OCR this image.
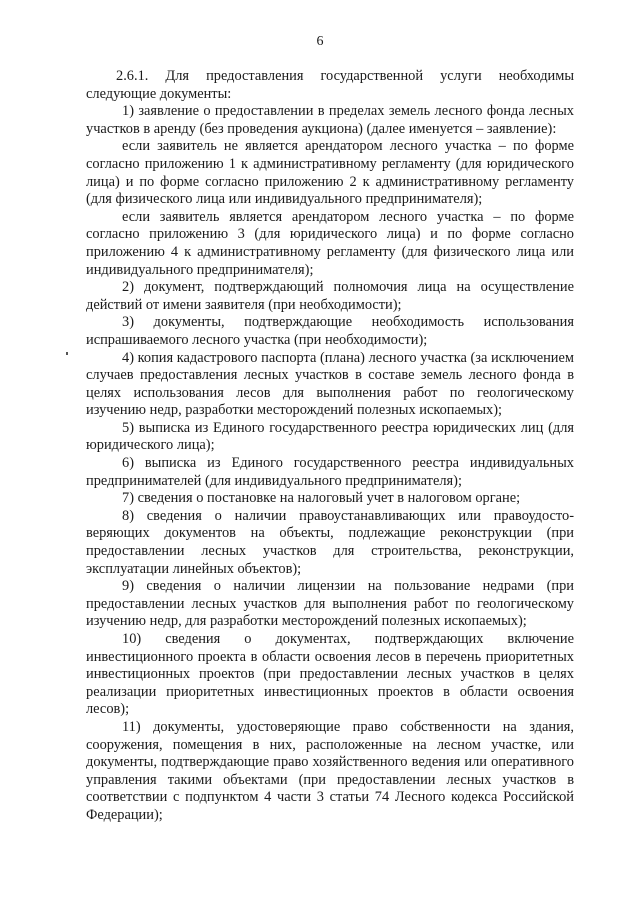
6

2.6.1. Для предоставления государственной услуги необходимы следующие документы:

1) заявление о предоставлении в пределах земель лесного фонда лесных участков в аренду (без проведения аукциона) (далее именуется – заявление):

если заявитель не является арендатором лесного участка – по форме согласно приложению 1 к административному регламенту (для юридического лица) и по форме согласно приложению 2 к административному регламенту (для физического лица или индивидуального предпринимателя);

если заявитель является арендатором лесного участка – по форме согласно приложению 3 (для юридического лица) и по форме согласно приложению 4 к административному регламенту (для физического лица или индивидуального предпринимателя);

2) документ, подтверждающий полномочия лица на осуществление действий от имени заявителя (при необходимости);

3) документы, подтверждающие необходимость использования испрашиваемого лесного участка (при необходимости);

4) копия кадастрового паспорта (плана) лесного участка (за исключением случаев предоставления лесных участков в составе земель лесного фонда в целях использования лесов для выполнения работ по геологическому изучению недр, разработки месторождений полезных ископаемых);

5) выписка из Единого государственного реестра юридических лиц (для юридического лица);

6) выписка из Единого государственного реестра индивидуальных предпринимателей (для индивидуального предпринимателя);

7) сведения о постановке на налоговый учет в налоговом органе;

8) сведения о наличии правоустанавливающих или правоудостоверяющих документов на объекты, подлежащие реконструкции (при предоставлении лесных участков для строительства, реконструкции, эксплуатации линейных объектов);

9) сведения о наличии лицензии на пользование недрами (при предоставлении лесных участков для выполнения работ по геологическому изучению недр, для разработки месторождений полезных ископаемых);

10) сведения о документах, подтверждающих включение инвестиционного проекта в области освоения лесов в перечень приоритетных инвестиционных проектов (при предоставлении лесных участков в целях реализации приоритетных инвестиционных проектов в области освоения лесов);

11) документы, удостоверяющие право собственности на здания, сооружения, помещения в них, расположенные на лесном участке, или документы, подтверждающие право хозяйственного ведения или оперативного управления такими объектами (при предоставлении лесных участков в соответствии с подпунктом 4 части 3 статьи 74 Лесного кодекса Российской Федерации);
